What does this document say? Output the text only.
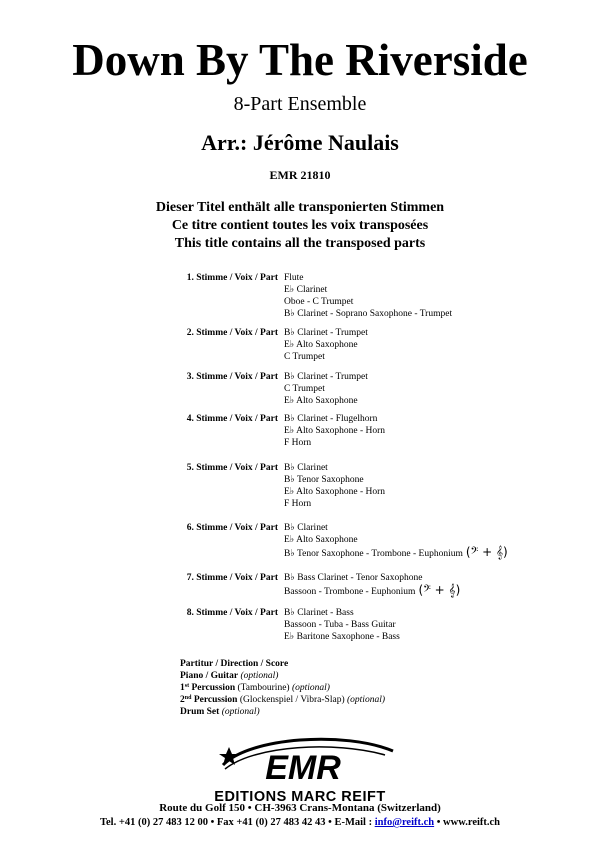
Down By The Riverside
8-Part Ensemble
Arr.: Jérôme Naulais
EMR 21810
Dieser Titel enthält alle transponierten Stimmen
Ce titre contient toutes les voix transposées
This title contains all the transposed parts
1. Stimme / Voix / Part Flute
E♭ Clarinet
Oboe - C Trumpet
B♭ Clarinet - Soprano Saxophone - Trumpet
2. Stimme / Voix / Part B♭ Clarinet - Trumpet
E♭ Alto Saxophone
C Trumpet
3. Stimme / Voix / Part B♭ Clarinet - Trumpet
C Trumpet
E♭ Alto Saxophone
4. Stimme / Voix / Part B♭ Clarinet - Flugelhorn
E♭ Alto Saxophone - Horn
F Horn
5. Stimme / Voix / Part B♭ Clarinet
B♭ Tenor Saxophone
E♭ Alto Saxophone - Horn
F Horn
6. Stimme / Voix / Part B♭ Clarinet
E♭ Alto Saxophone
B♭ Tenor Saxophone - Trombone - Euphonium (𝄢 + 𝄞)
7. Stimme / Voix / Part B♭ Bass Clarinet - Tenor Saxophone
Bassoon - Trombone - Euphonium (𝄢 + 𝄞)
8. Stimme / Voix / Part B♭ Clarinet - Bass
Bassoon - Tuba - Bass Guitar
E♭ Baritone Saxophone - Bass
Partitur / Direction / Score
Piano / Guitar (optional)
1st Percussion (Tambourine) (optional)
2nd Percussion (Glockenspiel / Vibra-Slap) (optional)
Drum Set (optional)
EMR
EDITIONS MARC REIFT
Route du Golf 150 • CH-3963 Crans-Montana (Switzerland)
Tel. +41 (0) 27 483 12 00 • Fax +41 (0) 27 483 42 43 • E-Mail : info@reift.ch • www.reift.ch
